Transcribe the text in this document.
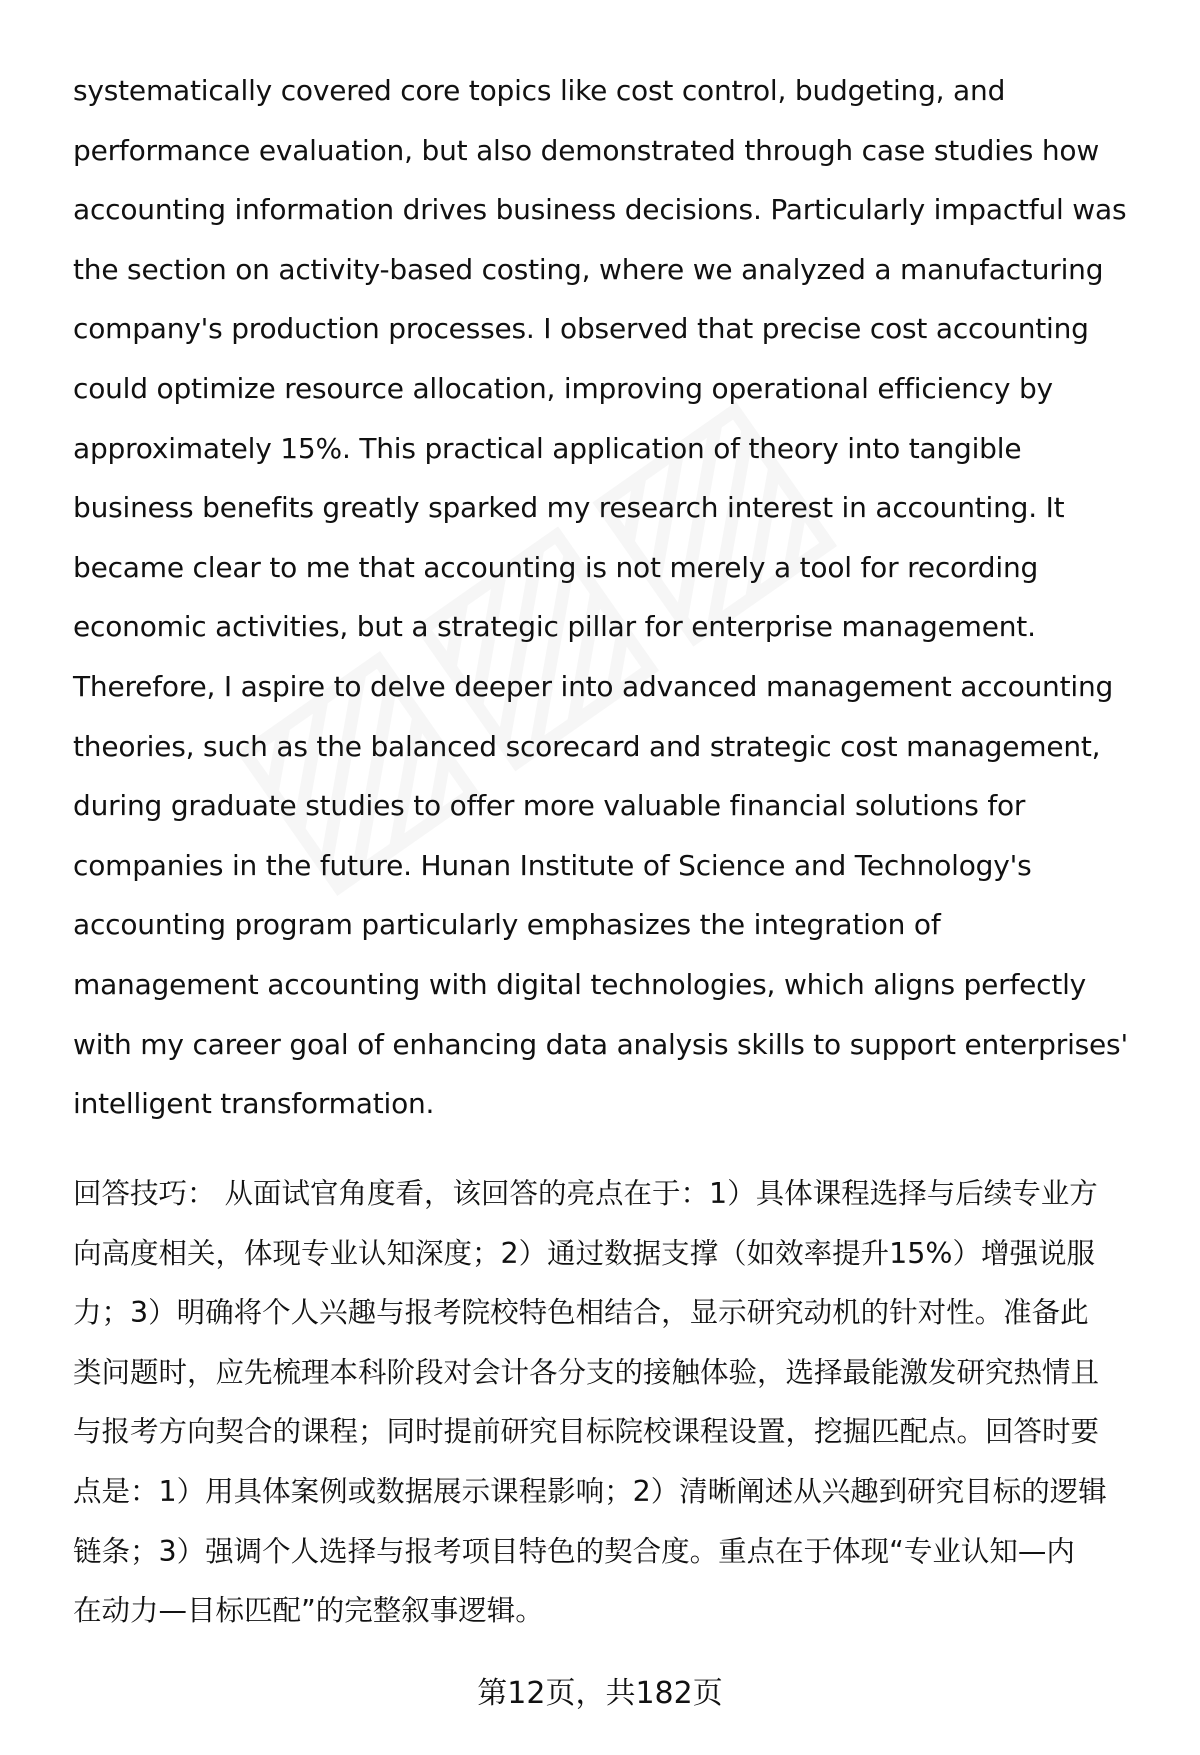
systematically covered core topics like cost control, budgeting, and
performance evaluation, but also demonstrated through case studies how
accounting information drives business decisions. Particularly impactful was
the section on activity-based costing, where we analyzed a manufacturing
company's production processes. I observed that precise cost accounting
could optimize resource allocation, improving operational efficiency by
approximately 15%. This practical application of theory into tangible
business benefits greatly sparked my research interest in accounting. It
became clear to me that accounting is not merely a tool for recording
economic activities, but a strategic pillar for enterprise management.
Therefore, I aspire to delve deeper into advanced management accounting
theories, such as the balanced scorecard and strategic cost management,
during graduate studies to offer more valuable financial solutions for
companies in the future. Hunan Institute of Science and Technology's
accounting program particularly emphasizes the integration of
management accounting with digital technologies, which aligns perfectly
with my career goal of enhancing data analysis skills to support enterprises'
intelligent transformation.
回答技巧： 从面试官角度看，该回答的亮点在于：1）具体课程选择与后续专业方
向高度相关，体现专业认知深度；2）通过数据支撑（如效率提升15%）增强说服
力；3）明确将个人兴趣与报考院校特色相结合，显示研究动机的针对性。准备此
类问题时，应先梳理本科阶段对会计各分支的接触体验，选择最能激发研究热情且
与报考方向契合的课程；同时提前研究目标院校课程设置，挖掘匹配点。回答时要
点是：1）用具体案例或数据展示课程影响；2）清晰阐述从兴趣到研究目标的逻辑
链条；3）强调个人选择与报考项目特色的契合度。重点在于体现“专业认知—内
在动力—目标匹配”的完整叙事逻辑。
第12页，共182页
